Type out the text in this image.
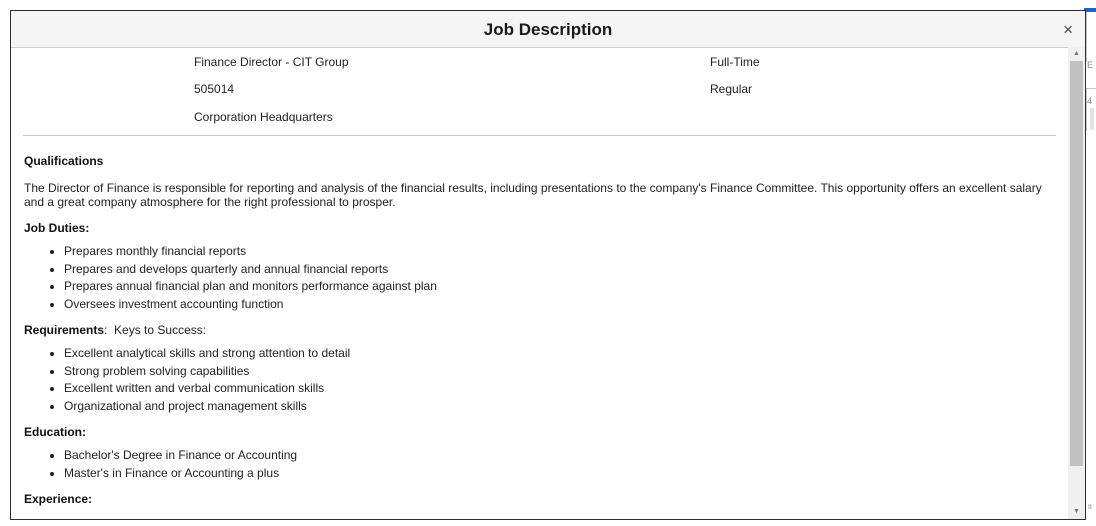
E
4
It
Job Description	×
Finance Director - CIT Group
505014
Corporation Headquarters
Full-Time
Regular
Qualifications

The Director of Finance is responsible for reporting and analysis of the financial results, including presentations to the company's Finance Committee. This opportunity offers an excellent salary and a great company atmosphere for the right professional to prosper.

Job Duties:
• Prepares monthly financial reports
• Prepares and develops quarterly and annual financial reports
• Prepares annual financial plan and monitors performance against plan
• Oversees investment accounting function
Requirements:  Keys to Success:
• Excellent analytical skills and strong attention to detail
• Strong problem solving capabilities
• Excellent written and verbal communication skills
• Organizational and project management skills
Education:
• Bachelor's Degree in Finance or Accounting
• Master's in Finance or Accounting a plus
Experience:
▲
▼
